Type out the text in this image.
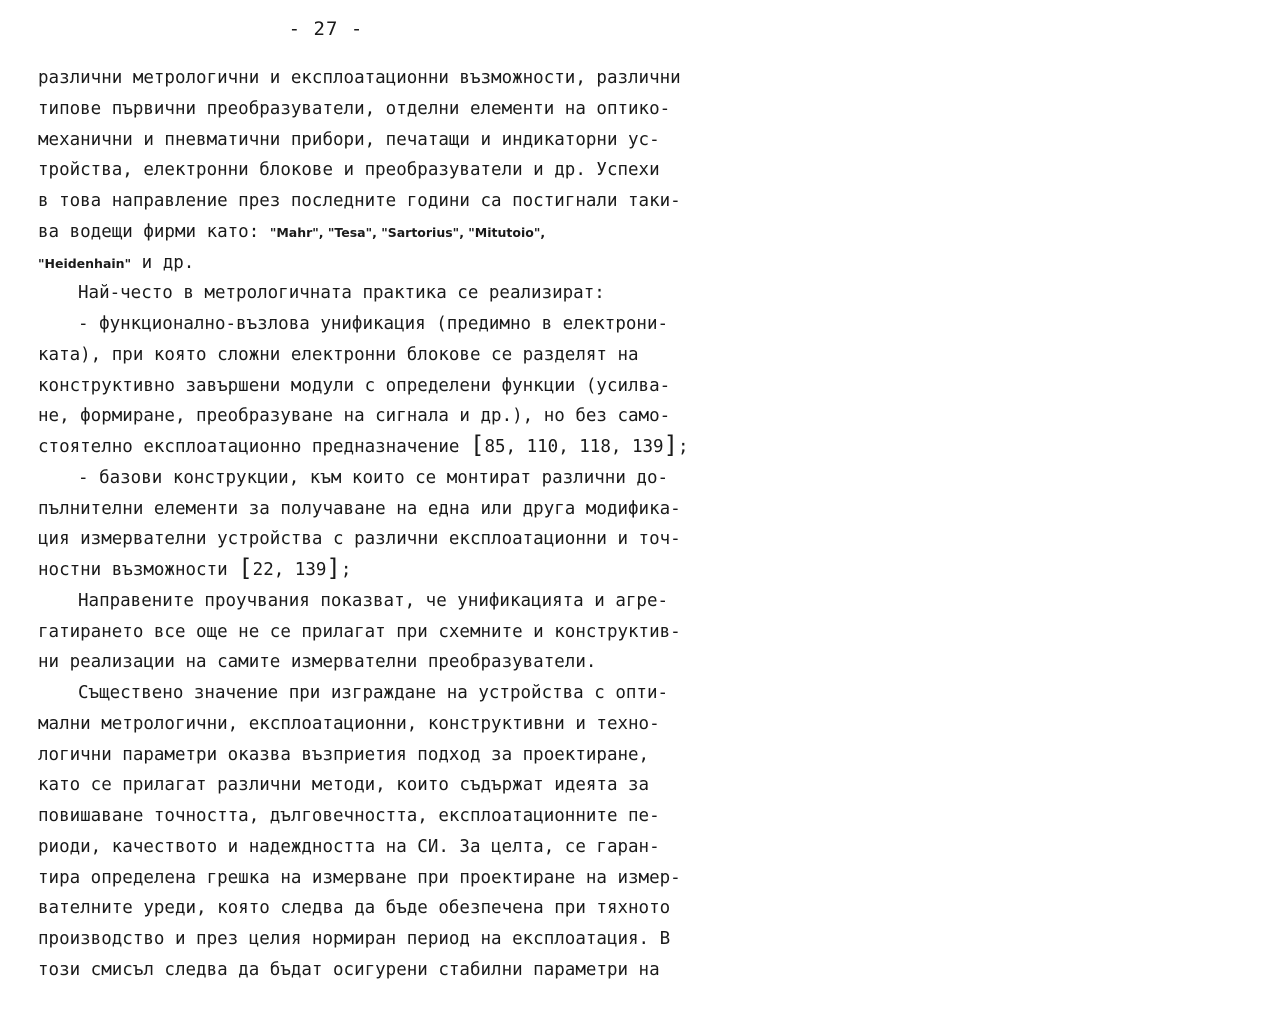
- 27 -
различни метрологични и експлоатационни възможности, различни
типове първични преобразуватели, отделни елементи на оптико-
механични и пневматични прибори, печатащи и индикаторни ус-
тройства, електронни блокове и преобразуватели и др. Успехи
в това направление през последните години са постигнали таки-
ва водещи фирми като: "Mahr", "Tesa", "Sartorius", "Mitutoio",
"Heidenhain" и др.
Най-често в метрологичната практика се реализират:
- функционално-възлова унификация (предимно в електрони-
ката), при която сложни електронни блокове се разделят на
конструктивно завършени модули с определени функции (усилва-
не, формиране, преобразуване на сигнала и др.), но без само-
стоятелно експлоатационно предназначение [85, 110, 118, 139];
- базови конструкции, към които се монтират различни до-
пълнителни елементи за получаване на една или друга модифика-
ция измервателни устройства с различни експлоатационни и точ-
ностни възможности [22, 139];
Направените проучвания показват, че унификацията и агре-
гатирането все още не се прилагат при схемните и конструктив-
ни реализации на самите измервателни преобразуватели.
Съществено значение при изграждане на устройства с опти-
мални метрологични, експлоатационни, конструктивни и техно-
логични параметри оказва възприетия подход за проектиране,
като се прилагат различни методи, които съдържат идеята за
повишаване точността, дълговечността, експлоатационните пе-
риоди, качеството и надеждността на СИ. За целта, се гаран-
тира определена грешка на измерване при проектиране на измер-
вателните уреди, която следва да бъде обезпечена при тяхното
производство и през целия нормиран период на експлоатация. В
този смисъл следва да бъдат осигурени стабилни параметри на
